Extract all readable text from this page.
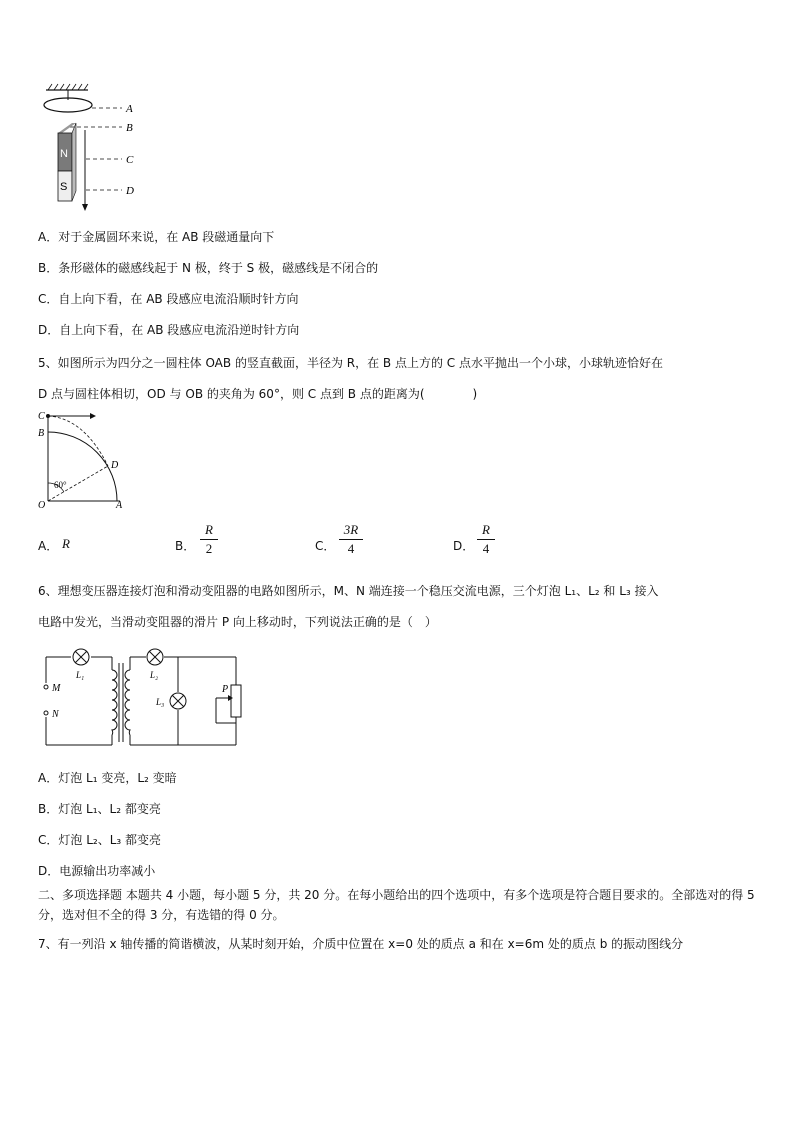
A
B
C
D
N
S
A．对于金属圆环来说，在 AB 段磁通量向下
B．条形磁体的磁感线起于 N 极，终于 S 极，磁感线是不闭合的
C．自上向下看，在 AB 段感应电流沿顺时针方向
D．自上向下看，在 AB 段感应电流沿逆时针方向
5、如图所示为四分之一圆柱体 OAB 的竖直截面，半径为 R，在 B 点上方的 C 点水平抛出一个小球，小球轨迹恰好在
D 点与圆柱体相切，OD 与 OB 的夹角为 60°，则 C 点到 B 点的距离为(　　　　)
C
B
D
O	A
60°
A． R	B．
R
2	C．
3R
4	D．
R
4
6、理想变压器连接灯泡和滑动变阻器的电路如图所示，M、N 端连接一个稳压交流电源，三个灯泡 L₁、L₂ 和 L₃ 接入
电路中发光，当滑动变阻器的滑片 P 向上移动时，下列说法正确的是（　）
M
N
L₁	L₂
L₃
P
A．灯泡 L₁ 变亮，L₂ 变暗
B．灯泡 L₁、L₂ 都变亮
C．灯泡 L₂、L₃ 都变亮
D．电源输出功率减小
二、多项选择题 本题共 4 小题，每小题 5 分，共 20 分。在每小题给出的四个选项中，有多个选项是符合题目要求的。全部选对的得 5 分，选对但不全的得 3 分，有选错的得 0 分。
7、有一列沿 x 轴传播的简谐横波，从某时刻开始，介质中位置在 x=0 处的质点 a 和在 x=6m 处的质点 b 的振动图线分
